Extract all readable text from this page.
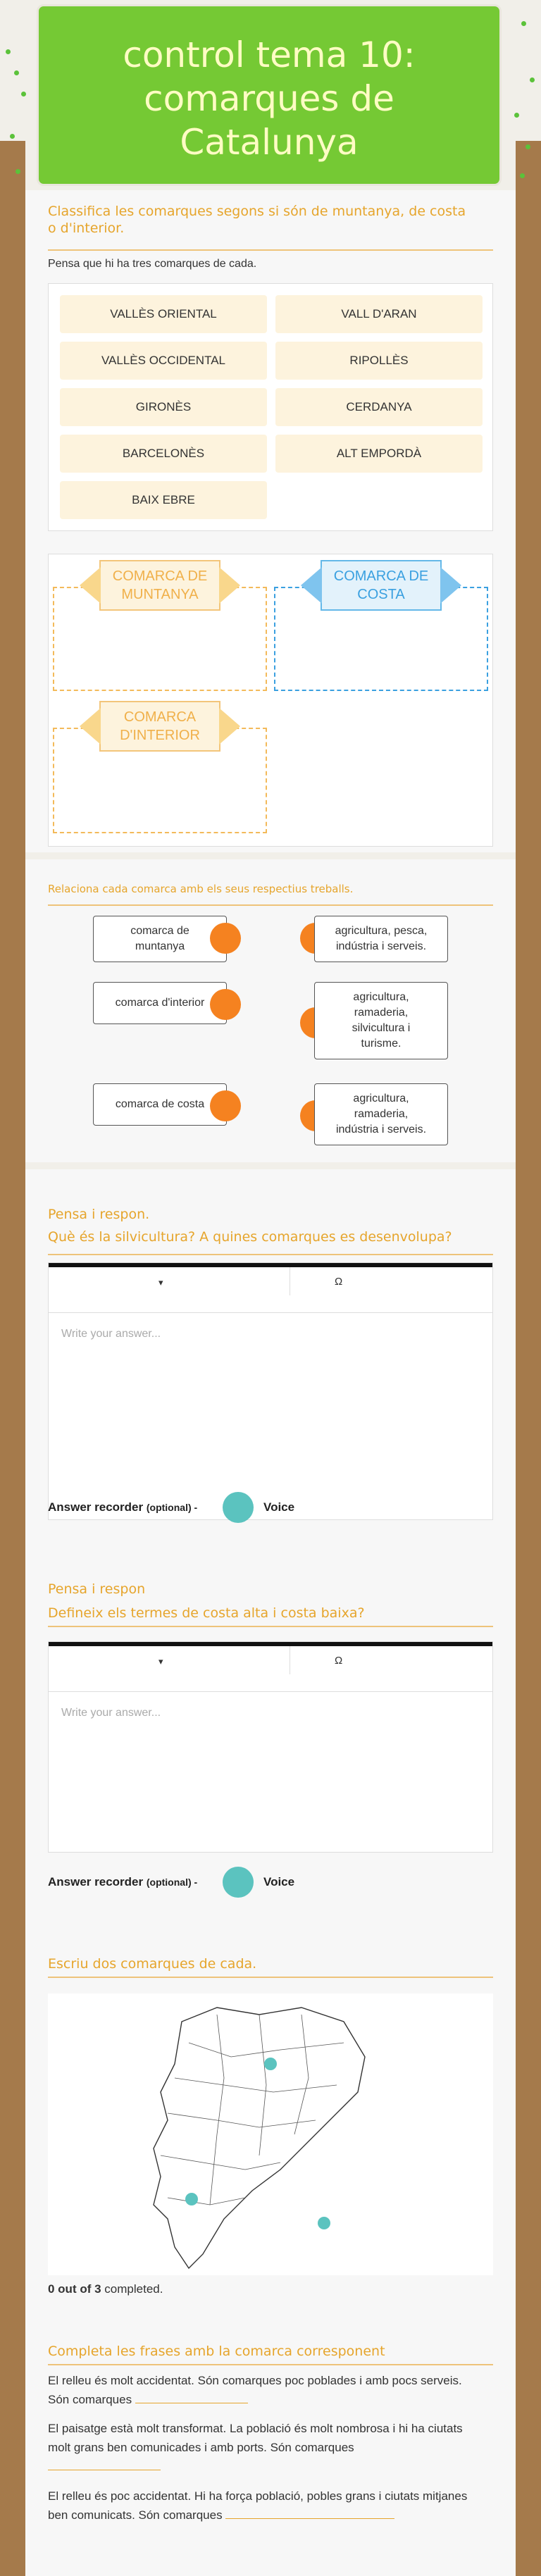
control tema 10:
comarques de
Catalunya
Classifica les comarques segons si són de muntanya, de costa
o d'interior.
Pensa que hi ha tres comarques de cada.
VALLÈS ORIENTAL	VALL D'ARAN
VALLÈS OCCIDENTAL	RIPOLLÈS
GIRONÈS	CERDANYA
BARCELONÈS	ALT EMPORDÀ
BAIX EBRE
COMARCA DE
MUNTANYA
COMARCA DE
COSTA
COMARCA
D'INTERIOR
Relaciona cada comarca amb els seus respectius treballs.
comarca de
muntanya
comarca d'interior
comarca de costa
agricultura, pesca,
indústria i serveis.
agricultura,
ramaderia,
silvicultura i
turisme.
agricultura,
ramaderia,
indústria i serveis.
Pensa i respon.
Què és la silvicultura? A quines comarques es desenvolupa?
▾	Ω
Write your answer...
Answer recorder (optional) -	Voice
Pensa i respon
Defineix els termes de costa alta i costa baixa?
▾	Ω
Write your answer...
Answer recorder (optional) -	Voice
Escriu dos comarques de cada.
0 out of 3 completed.
Completa les frases amb la comarca corresponent
El relleu és molt accidentat. Són comarques poc poblades i amb pocs serveis. Són comarques
El paisatge està molt transformat. La població és molt nombrosa i hi ha ciutats molt grans ben comunicades i amb ports. Són comarques
El relleu és poc accidentat. Hi ha força població, pobles grans i ciutats mitjanes ben comunicats. Són comarques
